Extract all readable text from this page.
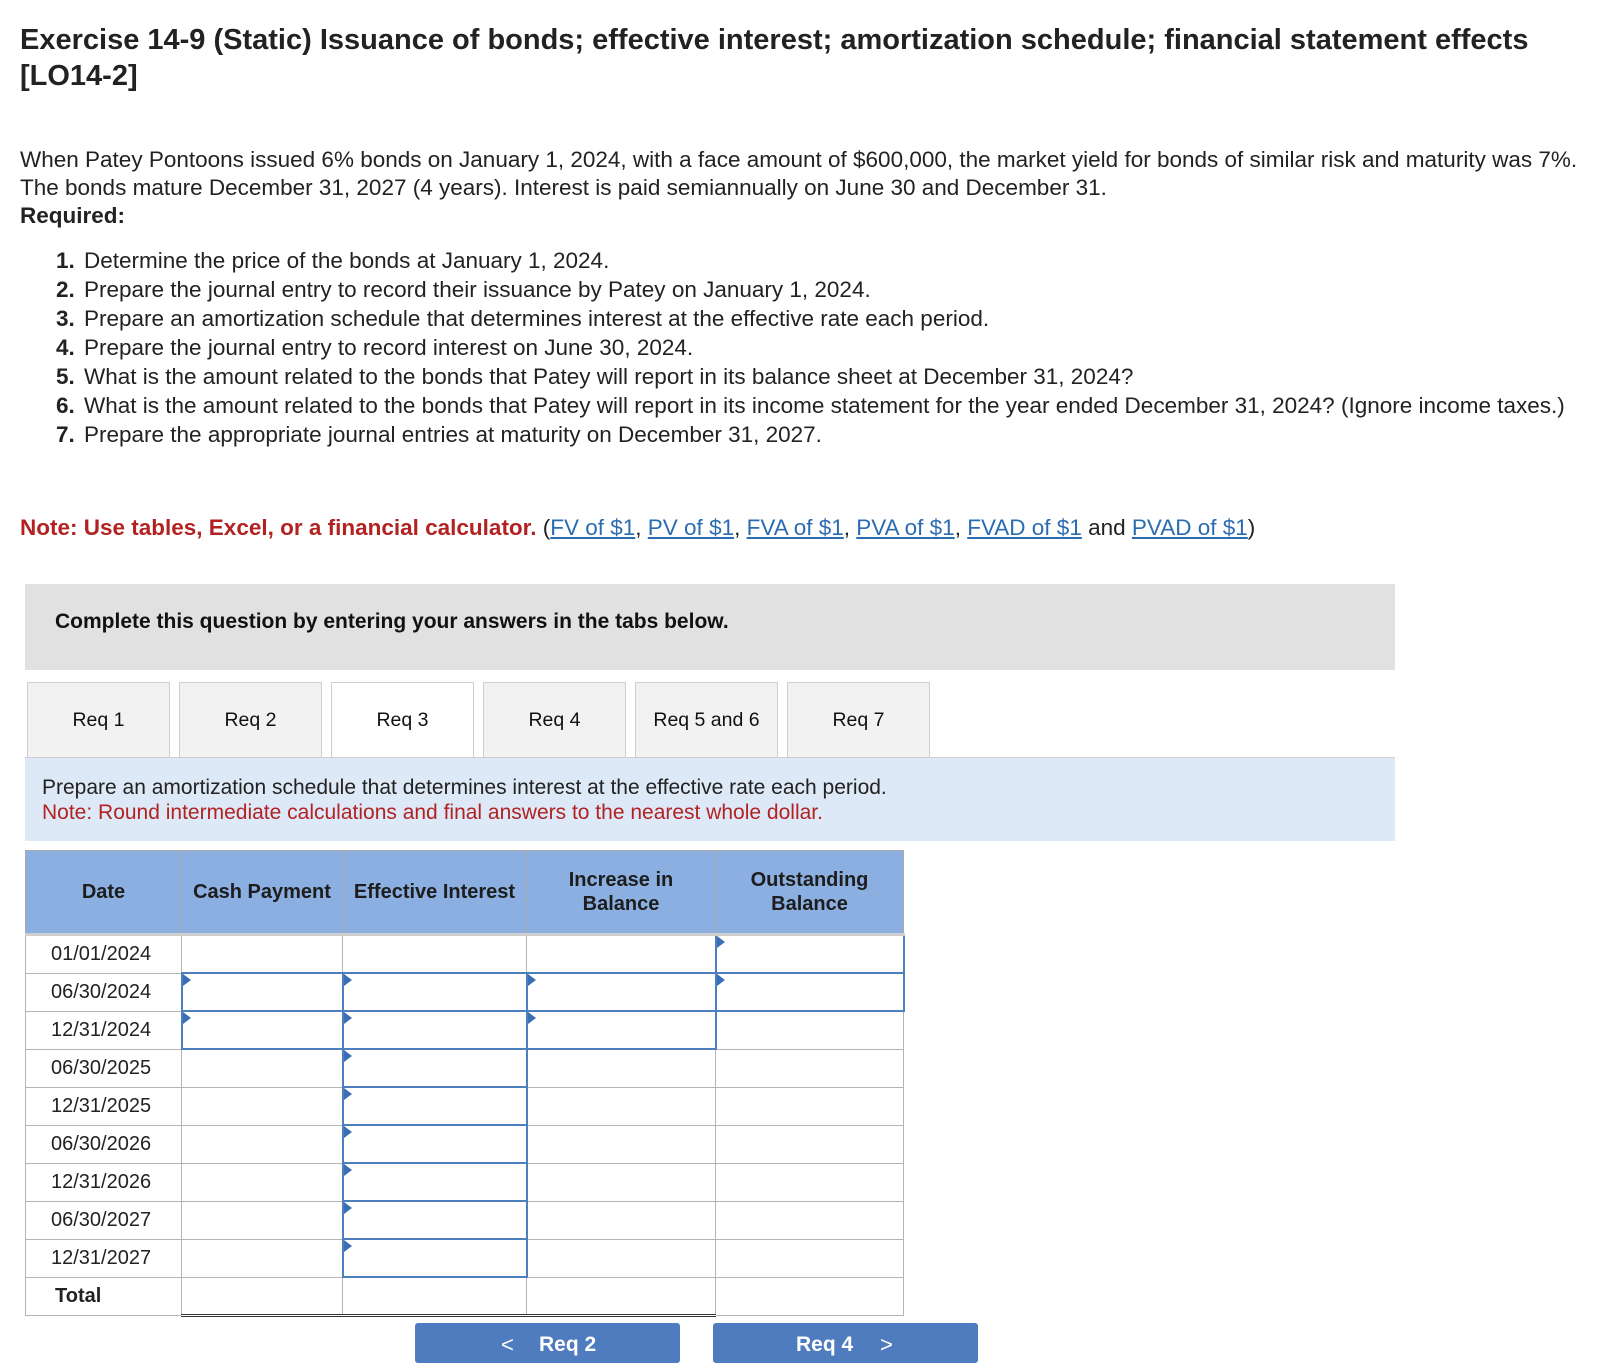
Exercise 14-9 (Static) Issuance of bonds; effective interest; amortization schedule; financial statement effects [LO14-2]
When Patey Pontoons issued 6% bonds on January 1, 2024, with a face amount of $600,000, the market yield for bonds of similar risk and maturity was 7%. The bonds mature December 31, 2027 (4 years). Interest is paid semiannually on June 30 and December 31.
Required:
1. Determine the price of the bonds at January 1, 2024.
2. Prepare the journal entry to record their issuance by Patey on January 1, 2024.
3. Prepare an amortization schedule that determines interest at the effective rate each period.
4. Prepare the journal entry to record interest on June 30, 2024.
5. What is the amount related to the bonds that Patey will report in its balance sheet at December 31, 2024?
6. What is the amount related to the bonds that Patey will report in its income statement for the year ended December 31, 2024? (Ignore income taxes.)
7. Prepare the appropriate journal entries at maturity on December 31, 2027.
Note: Use tables, Excel, or a financial calculator. (FV of $1, PV of $1, FVA of $1, PVA of $1, FVAD of $1 and PVAD of $1)
Complete this question by entering your answers in the tabs below.
Req 1	Req 2	Req 3	Req 4	Req 5 and 6	Req 7
Prepare an amortization schedule that determines interest at the effective rate each period.
Note: Round intermediate calculations and final answers to the nearest whole dollar.
Date	Cash Payment	Effective Interest	Increase in Balance	Outstanding Balance
01/01/2024				
06/30/2024				
12/31/2024				
06/30/2025				
12/31/2025				
06/30/2026				
12/31/2026				
06/30/2027				
12/31/2027				
Total				
< Req 2	Req 4 >
